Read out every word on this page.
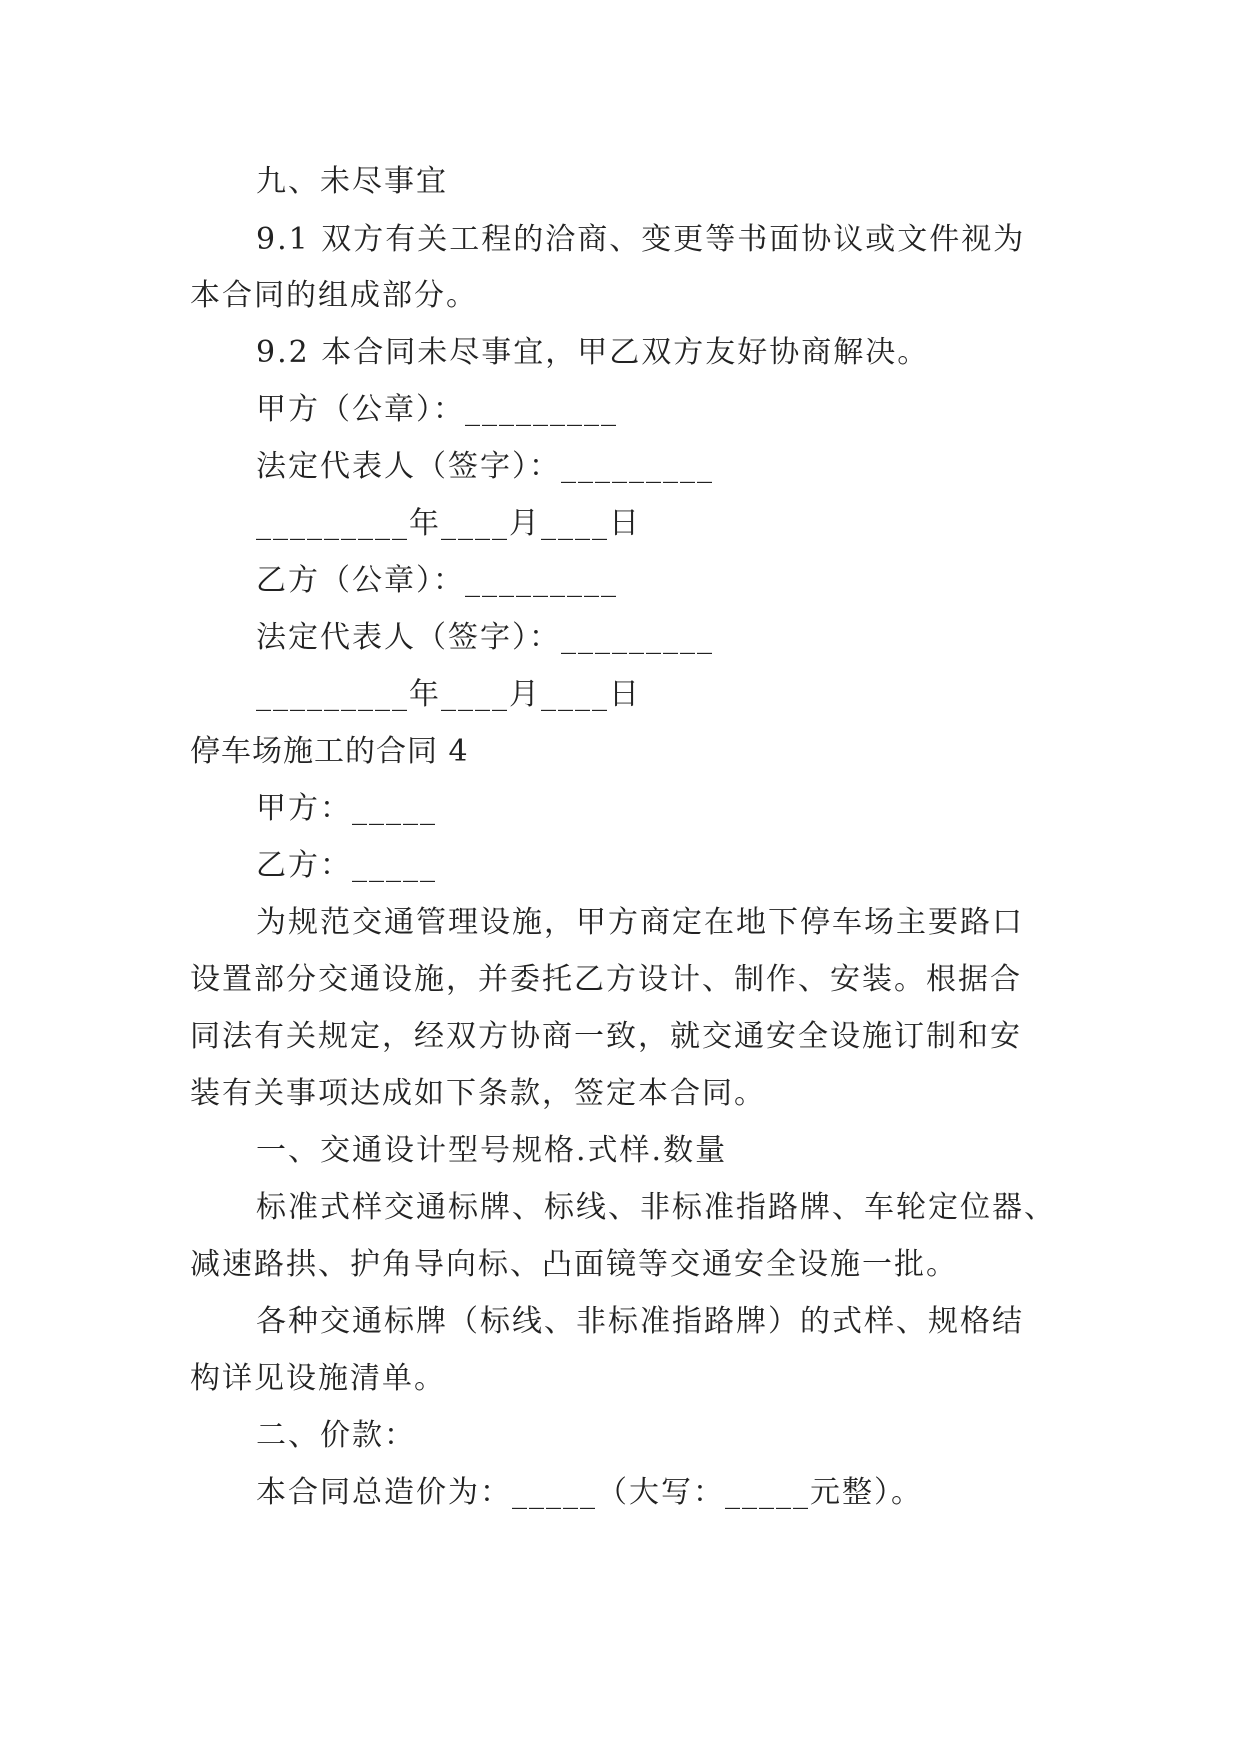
九、未尽事宜
9.1 双方有关工程的洽商、变更等书面协议或文件视为
本合同的组成部分。
9.2 本合同未尽事宜，甲乙双方友好协商解决。
甲方（公章）：_________
法定代表人（签字）：_________
_________年____月____日
乙方（公章）：_________
法定代表人（签字）：_________
_________年____月____日
停车场施工的合同 4
甲方：_____
乙方：_____
为规范交通管理设施，甲方商定在地下停车场主要路口
设置部分交通设施，并委托乙方设计、制作、安装。根据合
同法有关规定，经双方协商一致，就交通安全设施订制和安
装有关事项达成如下条款，签定本合同。
一、交通设计型号规格.式样.数量
标准式样交通标牌、标线、非标准指路牌、车轮定位器、
减速路拱、护角导向标、凸面镜等交通安全设施一批。
各种交通标牌（标线、非标准指路牌）的式样、规格结
构详见设施清单。
二、价款：
本合同总造价为：_____（大写：_____元整）。
